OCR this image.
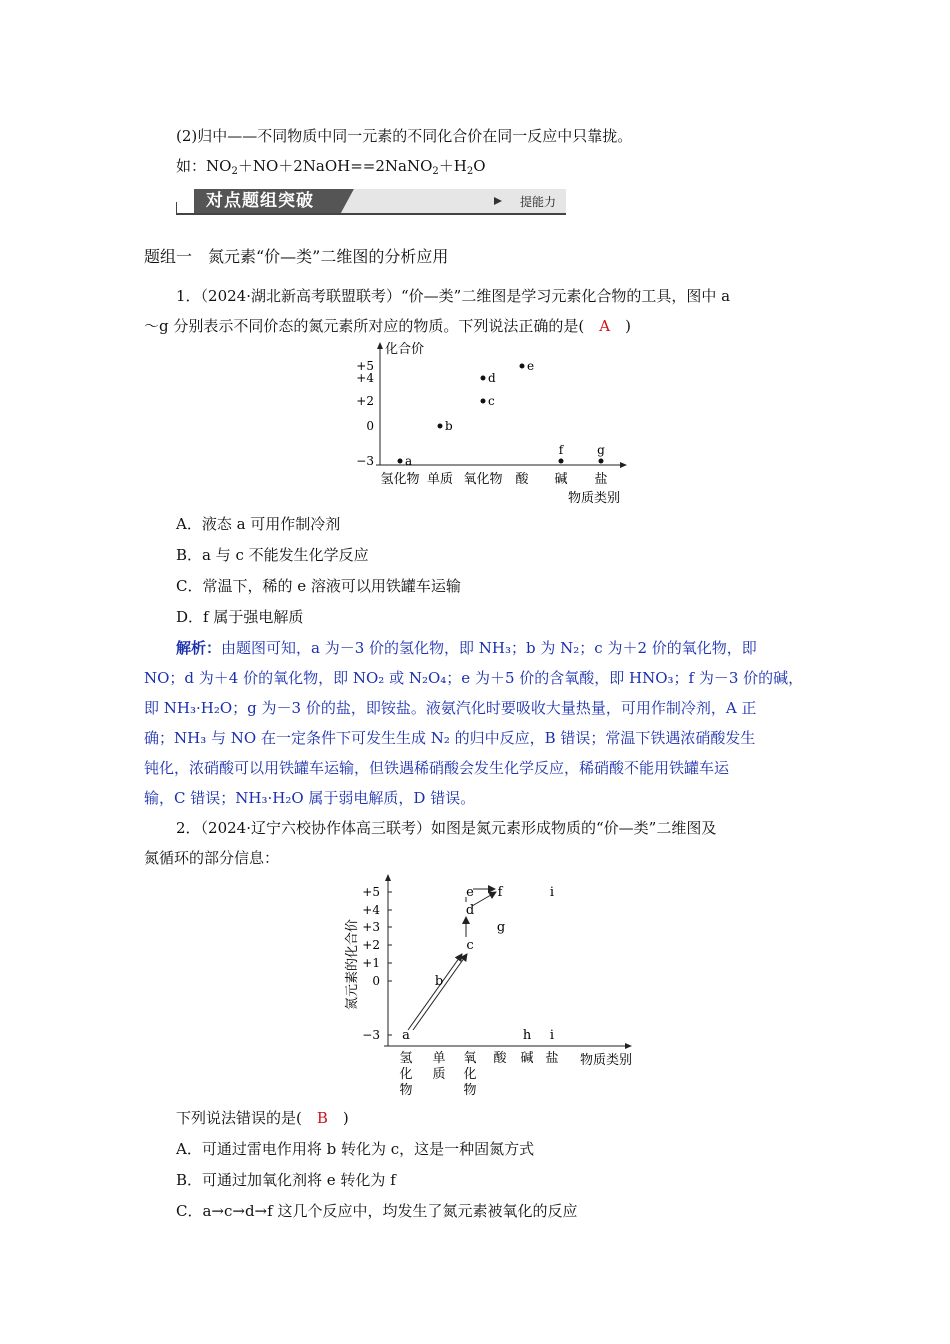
(2)归中——不同物质中同一元素的不同化合价在同一反应中只靠拢。
如：$NO_2+NO+2NaOH==2NaNO_2+H_2O$
对点题组突破	提能力
题组一　氮元素“价—类”二维图的分析应用
1．（2024·湖北新高考联盟联考）“价—类”二维图是学习元素化合物的工具，图中 a
～g 分别表示不同价态的氮元素所对应的物质。下列说法正确的是(　A　)
化合价
+5
+4
+2
0
−3
氢化物 单质 氧化物 酸 碱 盐
a
b
c
d
e
f	g
物质类别
A．液态 a 可用作制冷剂
B．a 与 c 不能发生化学反应
C．常温下，稀的 e 溶液可以用铁罐车运输
D．f 属于强电解质
解析：由题图可知，a 为－3 价的氢化物，即 NH₃；b 为 N₂；c 为＋2 价的氧化物，即
NO；d 为＋4 价的氧化物，即 NO₂ 或 N₂O₄；e 为＋5 价的含氧酸，即 HNO₃；f 为－3 价的碱，
即 NH₃·H₂O；g 为－3 价的盐，即铵盐。液氨汽化时要吸收大量热量，可用作制冷剂，A 正
确；NH₃ 与 NO 在一定条件下可发生生成 N₂ 的归中反应，B 错误；常温下铁遇浓硝酸发生
钝化，浓硝酸可以用铁罐车运输，但铁遇稀硝酸会发生化学反应，稀硝酸不能用铁罐车运
输，C 错误；NH₃·H₂O 属于弱电解质，D 错误。
2．（2024·辽宁六校协作体高三联考）如图是氮元素形成物质的“价—类”二维图及
氮循环的部分信息：
氮元素的化合价
+5
+4
+3
+2
+1
0
−3
氢
化
物
单
质
氧
化
物
酸 碱 盐
a
b
c
d
e f
g
h i
i
物质类别
下列说法错误的是(　B　)
A．可通过雷电作用将 b 转化为 c，这是一种固氮方式
B．可通过加氧化剂将 e 转化为 f
C．a→c→d→f 这几个反应中，均发生了氮元素被氧化的反应
